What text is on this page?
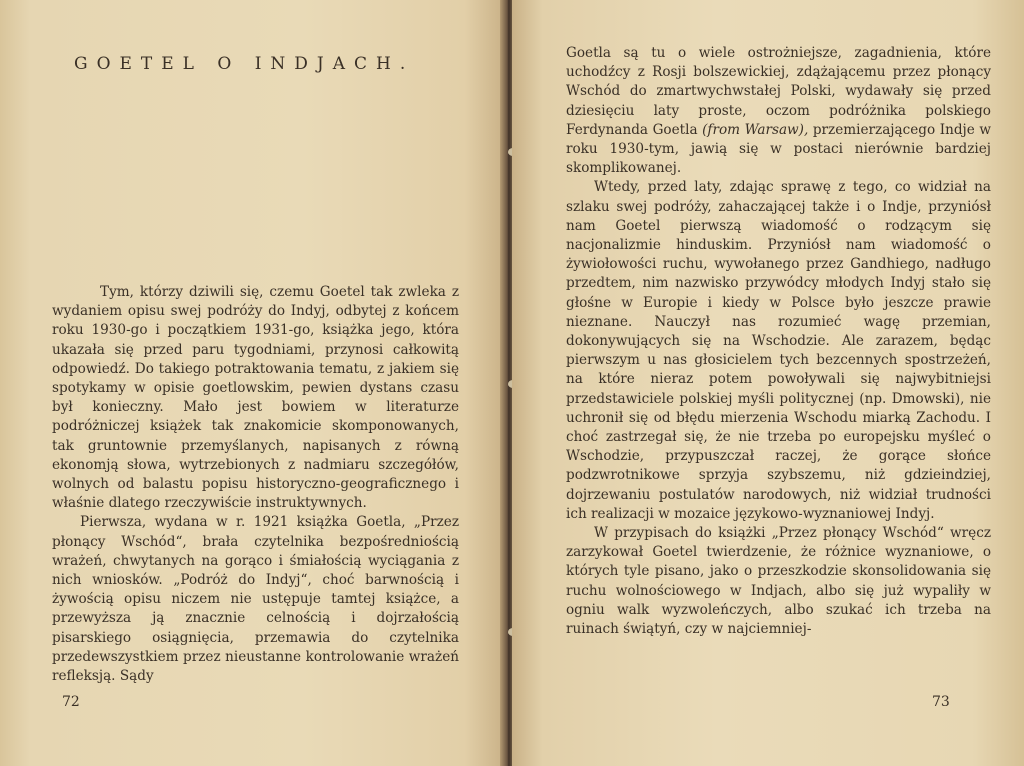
GOETEL O INDJACH.

Tym, którzy dziwili się, czemu Goetel tak zwleka z wydaniem opisu swej podróży do Indyj, odbytej z końcem roku 1930-go i początkiem 1931-go, książka jego, która ukazała się przed paru tygodniami, przynosi całkowitą odpowiedź. Do takiego potraktowania tematu, z jakiem się spotykamy w opisie goetlowskim, pewien dystans czasu był konieczny. Mało jest bowiem w literaturze podróżniczej książek tak znakomicie skomponowanych, tak gruntownie przemyślanych, napisanych z równą ekonomją słowa, wytrzebionych z nadmiaru szczegółów, wolnych od balastu popisu historyczno-geograficznego i właśnie dlatego rzeczywiście instruktywnych.

Pierwsza, wydana w r. 1921 książka Goetla, „Przez płonący Wschód“, brała czytelnika bezpośredniością wrażeń, chwytanych na gorąco i śmiałością wyciągania z nich wniosków. „Podróż do Indyj“, choć barwnością i żywością opisu niczem nie ustępuje tamtej książce, a przewyższa ją znacznie celnością i dojrzałością pisarskiego osiągnięcia, przemawia do czytelnika przedewszystkiem przez nieustanne kontrolowanie wrażeń refleksją. Sądy

72

Goetla są tu o wiele ostrożniejsze, zagadnienia, które uchodźcy z Rosji bolszewickiej, zdążającemu przez płonący Wschód do zmartwychwstałej Polski, wydawały się przed dziesięciu laty proste, oczom podróżnika polskiego Ferdynanda Goetla (from Warsaw), przemierzającego Indje w roku 1930-tym, jawią się w postaci nierównie bardziej skomplikowanej.

Wtedy, przed laty, zdając sprawę z tego, co widział na szlaku swej podróży, zahaczającej także i o Indje, przyniósł nam Goetel pierwszą wiadomość o rodzącym się nacjonalizmie hinduskim. Przyniósł nam wiadomość o żywiołowości ruchu, wywołanego przez Gandhiego, nadługo przedtem, nim nazwisko przywódcy młodych Indyj stało się głośne w Europie i kiedy w Polsce było jeszcze prawie nieznane. Nauczył nas rozumieć wagę przemian, dokonywujących się na Wschodzie. Ale zarazem, będąc pierwszym u nas głosicielem tych bezcennych spostrzeżeń, na które nieraz potem powoływali się najwybitniejsi przedstawiciele polskiej myśli politycznej (np. Dmowski), nie uchronił się od błędu mierzenia Wschodu miarką Zachodu. I choć zastrzegał się, że nie trzeba po europejsku myśleć o Wschodzie, przypuszczał raczej, że gorące słońce podzwrotnikowe sprzyja szybszemu, niż gdzieindziej, dojrzewaniu postulatów narodowych, niż widział trudności ich realizacji w mozaice językowo-wyznaniowej Indyj.

W przypisach do książki „Przez płonący Wschód“ wręcz zarzykował Goetel twierdzenie, że różnice wyznaniowe, o których tyle pisano, jako o przeszkodzie skonsolidowania się ruchu wolnościowego w Indjach, albo się już wypaliły w ogniu walk wyzwoleńczych, albo szukać ich trzeba na ruinach świątyń, czy w najciemniej-

73
